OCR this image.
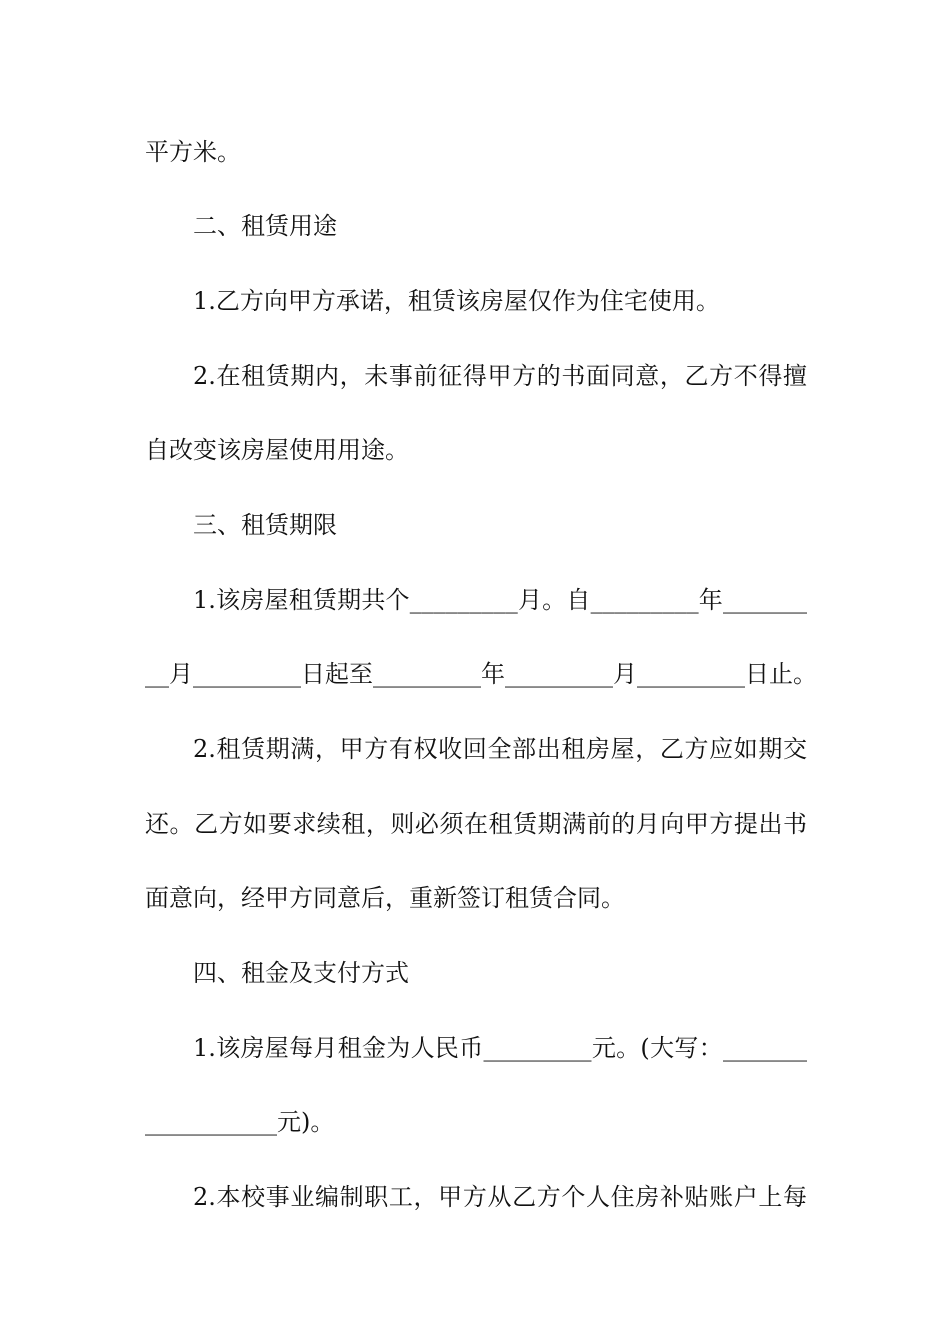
平方米。
二、租赁用途
1.乙方向甲方承诺，租赁该房屋仅作为住宅使用。
2.在租赁期内，未事前征得甲方的书面同意，乙方不得擅
自改变该房屋使用用途。
三、租赁期限
1.该房屋租赁期共个_________月。自_________年_______
__月_________日起至_________年_________月_________日止。
2.租赁期满，甲方有权收回全部出租房屋，乙方应如期交
还。乙方如要求续租，则必须在租赁期满前的月向甲方提出书
面意向，经甲方同意后，重新签订租赁合同。
四、租金及支付方式
1.该房屋每月租金为人民币_________元。(大写：_______
___________元)。
2.本校事业编制职工，甲方从乙方个人住房补贴账户上每
